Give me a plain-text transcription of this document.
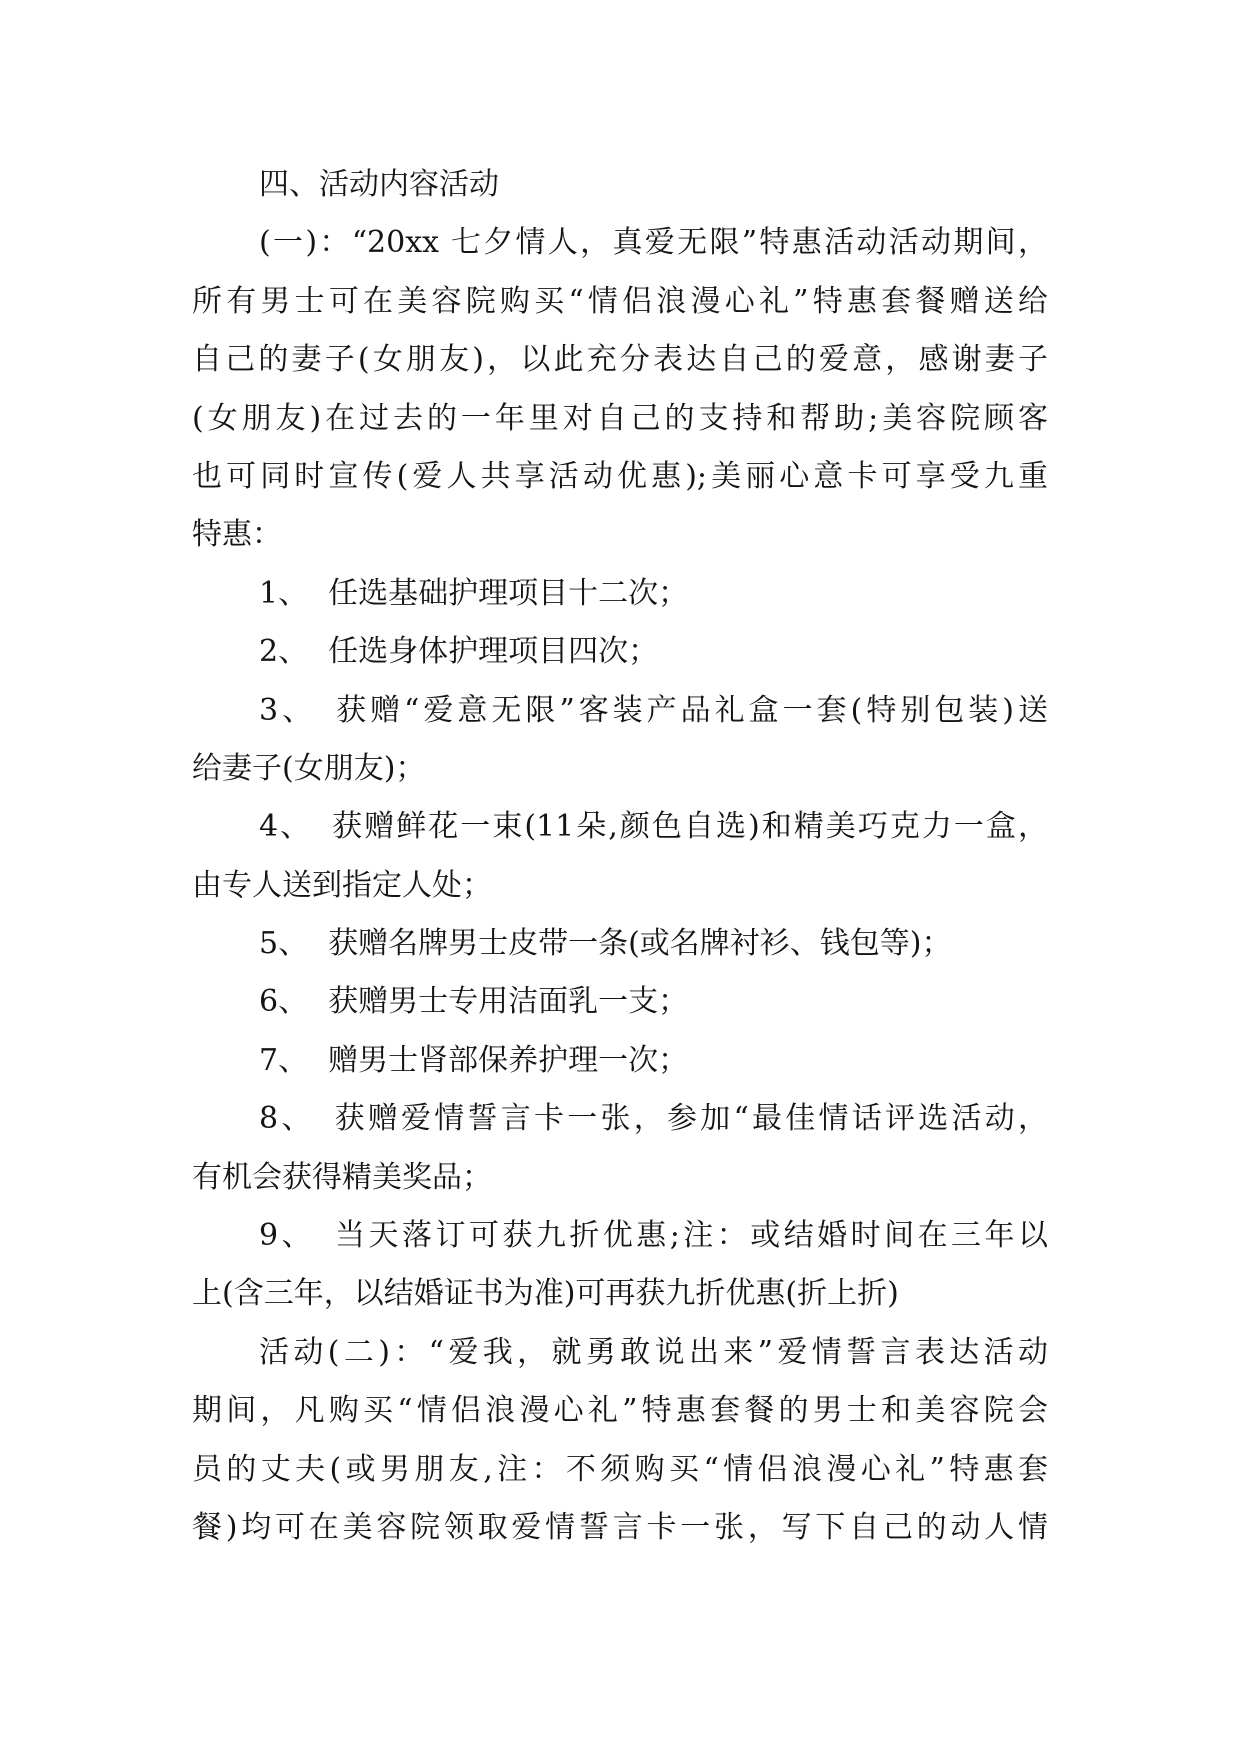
四、活动内容活动
(一)：“20xx 七夕情人，真爱无限”特惠活动活动期间，
所有男士可在美容院购买“情侣浪漫心礼”特惠套餐赠送给
自己的妻子(女朋友)，以此充分表达自己的爱意，感谢妻子
(女朋友)在过去的一年里对自己的支持和帮助;美容院顾客
也可同时宣传(爱人共享活动优惠);美丽心意卡可享受九重
特惠：
1、 任选基础护理项目十二次；
2、 任选身体护理项目四次；
3、 获赠“爱意无限”客装产品礼盒一套(特别包装)送
给妻子(女朋友)；
4、 获赠鲜花一束(11朵,颜色自选)和精美巧克力一盒，
由专人送到指定人处；
5、 获赠名牌男士皮带一条(或名牌衬衫、钱包等)；
6、 获赠男士专用洁面乳一支；
7、 赠男士肾部保养护理一次；
8、 获赠爱情誓言卡一张，参加“最佳情话评选活动，
有机会获得精美奖品；
9、 当天落订可获九折优惠;注：或结婚时间在三年以
上(含三年，以结婚证书为准)可再获九折优惠(折上折)
活动(二)：“爱我，就勇敢说出来”爱情誓言表达活动
期间，凡购买“情侣浪漫心礼”特惠套餐的男士和美容院会
员的丈夫(或男朋友,注：不须购买“情侣浪漫心礼”特惠套
餐)均可在美容院领取爱情誓言卡一张，写下自己的动人情
